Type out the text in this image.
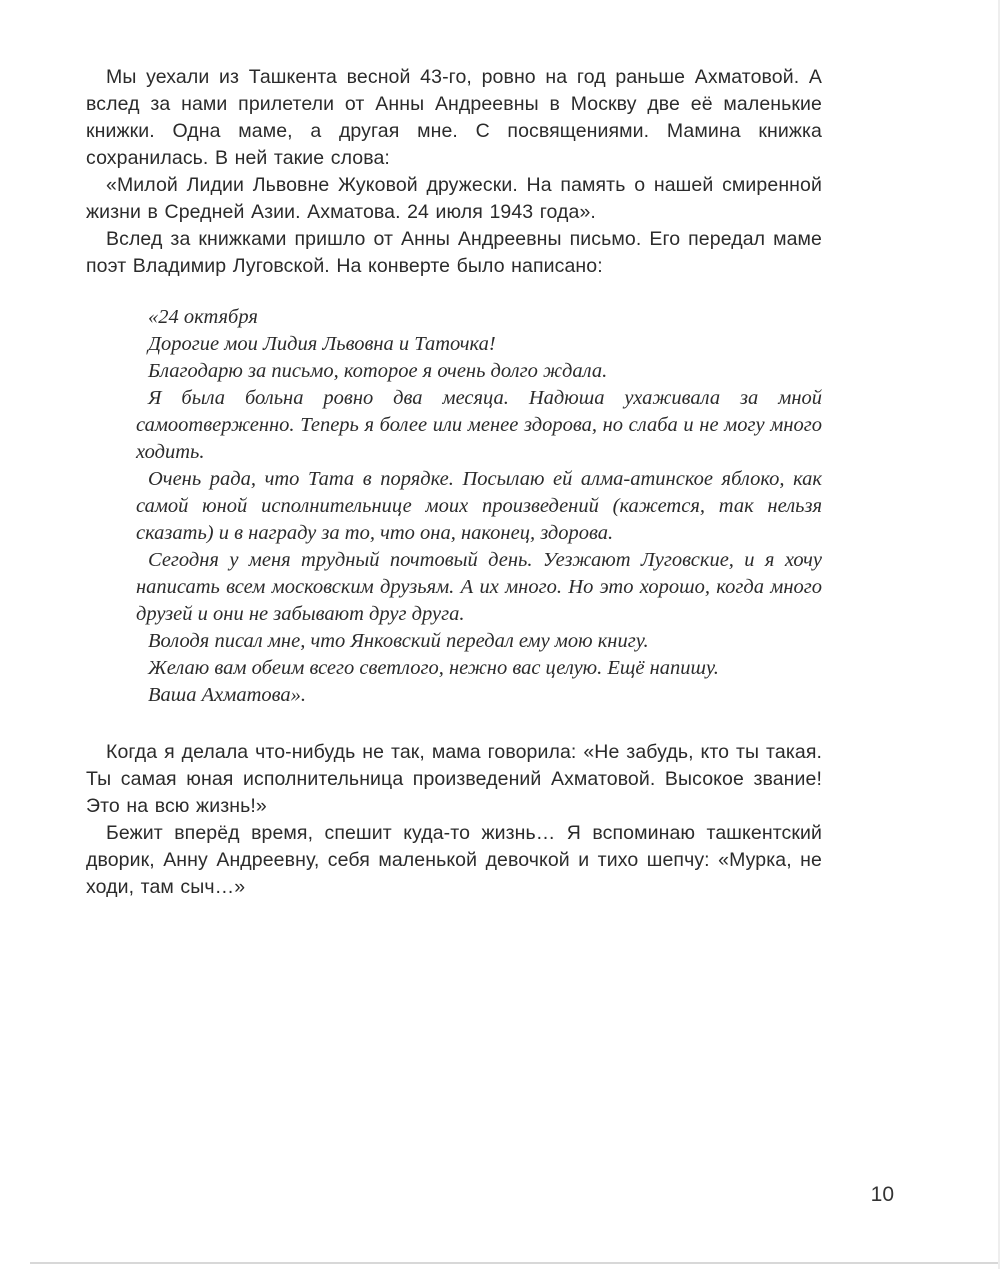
Мы уехали из Ташкента весной 43-го, ровно на год раньше Ахматовой. А вслед за нами прилетели от Анны Андреевны в Москву две её маленькие книжки. Одна маме, а другая мне. С посвящениями. Мамина книжка сохранилась. В ней такие слова:

«Милой Лидии Львовне Жуковой дружески. На память о нашей смиренной жизни в Средней Азии. Ахматова. 24 июля 1943 года».

Вслед за книжками пришло от Анны Андреевны письмо. Его передал маме поэт Владимир Луговской. На конверте было написано:

«24 октября

Дорогие мои Лидия Львовна и Таточка!

Благодарю за письмо, которое я очень долго ждала.

Я была больна ровно два месяца. Надюша ухаживала за мной самоотверженно. Теперь я более или менее здорова, но слаба и не могу много ходить.

Очень рада, что Тата в порядке. Посылаю ей алма-атинское яблоко, как самой юной исполнительнице моих произведений (кажется, так нельзя сказать) и в награду за то, что она, наконец, здорова.

Сегодня у меня трудный почтовый день. Уезжают Луговские, и я хочу написать всем московским друзьям. А их много. Но это хорошо, когда много друзей и они не забывают друг друга.

Володя писал мне, что Янковский передал ему мою книгу.

Желаю вам обеим всего светлого, нежно вас целую. Ещё напишу.

Ваша Ахматова».

Когда я делала что-нибудь не так, мама говорила: «Не забудь, кто ты такая. Ты самая юная исполнительница произведений Ахматовой. Высокое звание! Это на всю жизнь!»

Бежит вперёд время, спешит куда-то жизнь… Я вспоминаю ташкентский дворик, Анну Андреевну, себя маленькой девочкой и тихо шепчу: «Мурка, не ходи, там сыч…»

10
